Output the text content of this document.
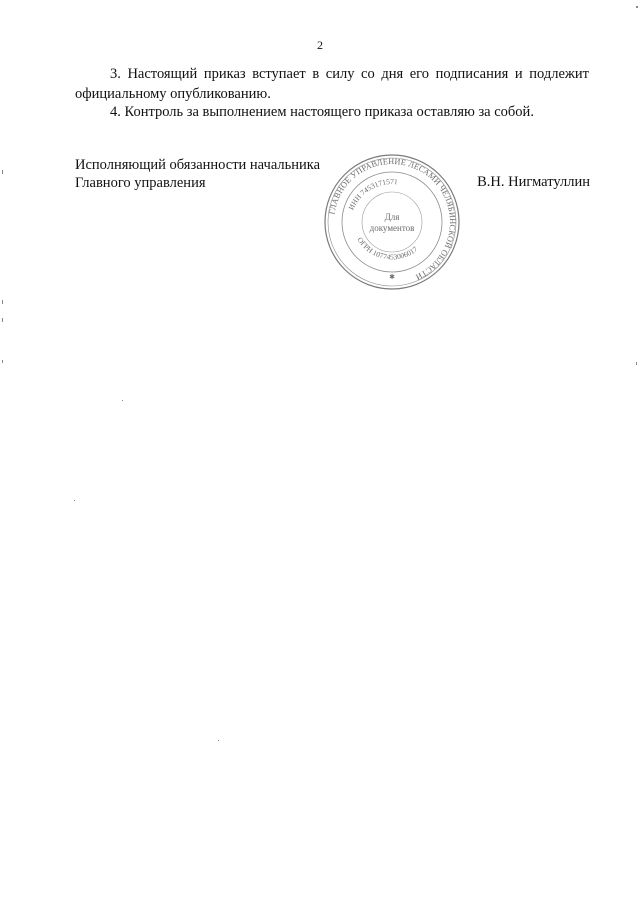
2
3. Настоящий приказ вступает в силу со дня его подписания и подлежит официальному опубликованию.
4. Контроль за выполнением настоящего приказа оставляю за собой.
Исполняющий обязанности начальника
Главного управления	В.Н. Нигматуллин
ГЛАВНОЕ УПРАВЛЕНИЕ ЛЕСАМИ ЧЕЛЯБИНСКОЙ ОБЛАСТИ
ИНН 7453171571
ОГРН 1077453006017
Для
документов
✱
